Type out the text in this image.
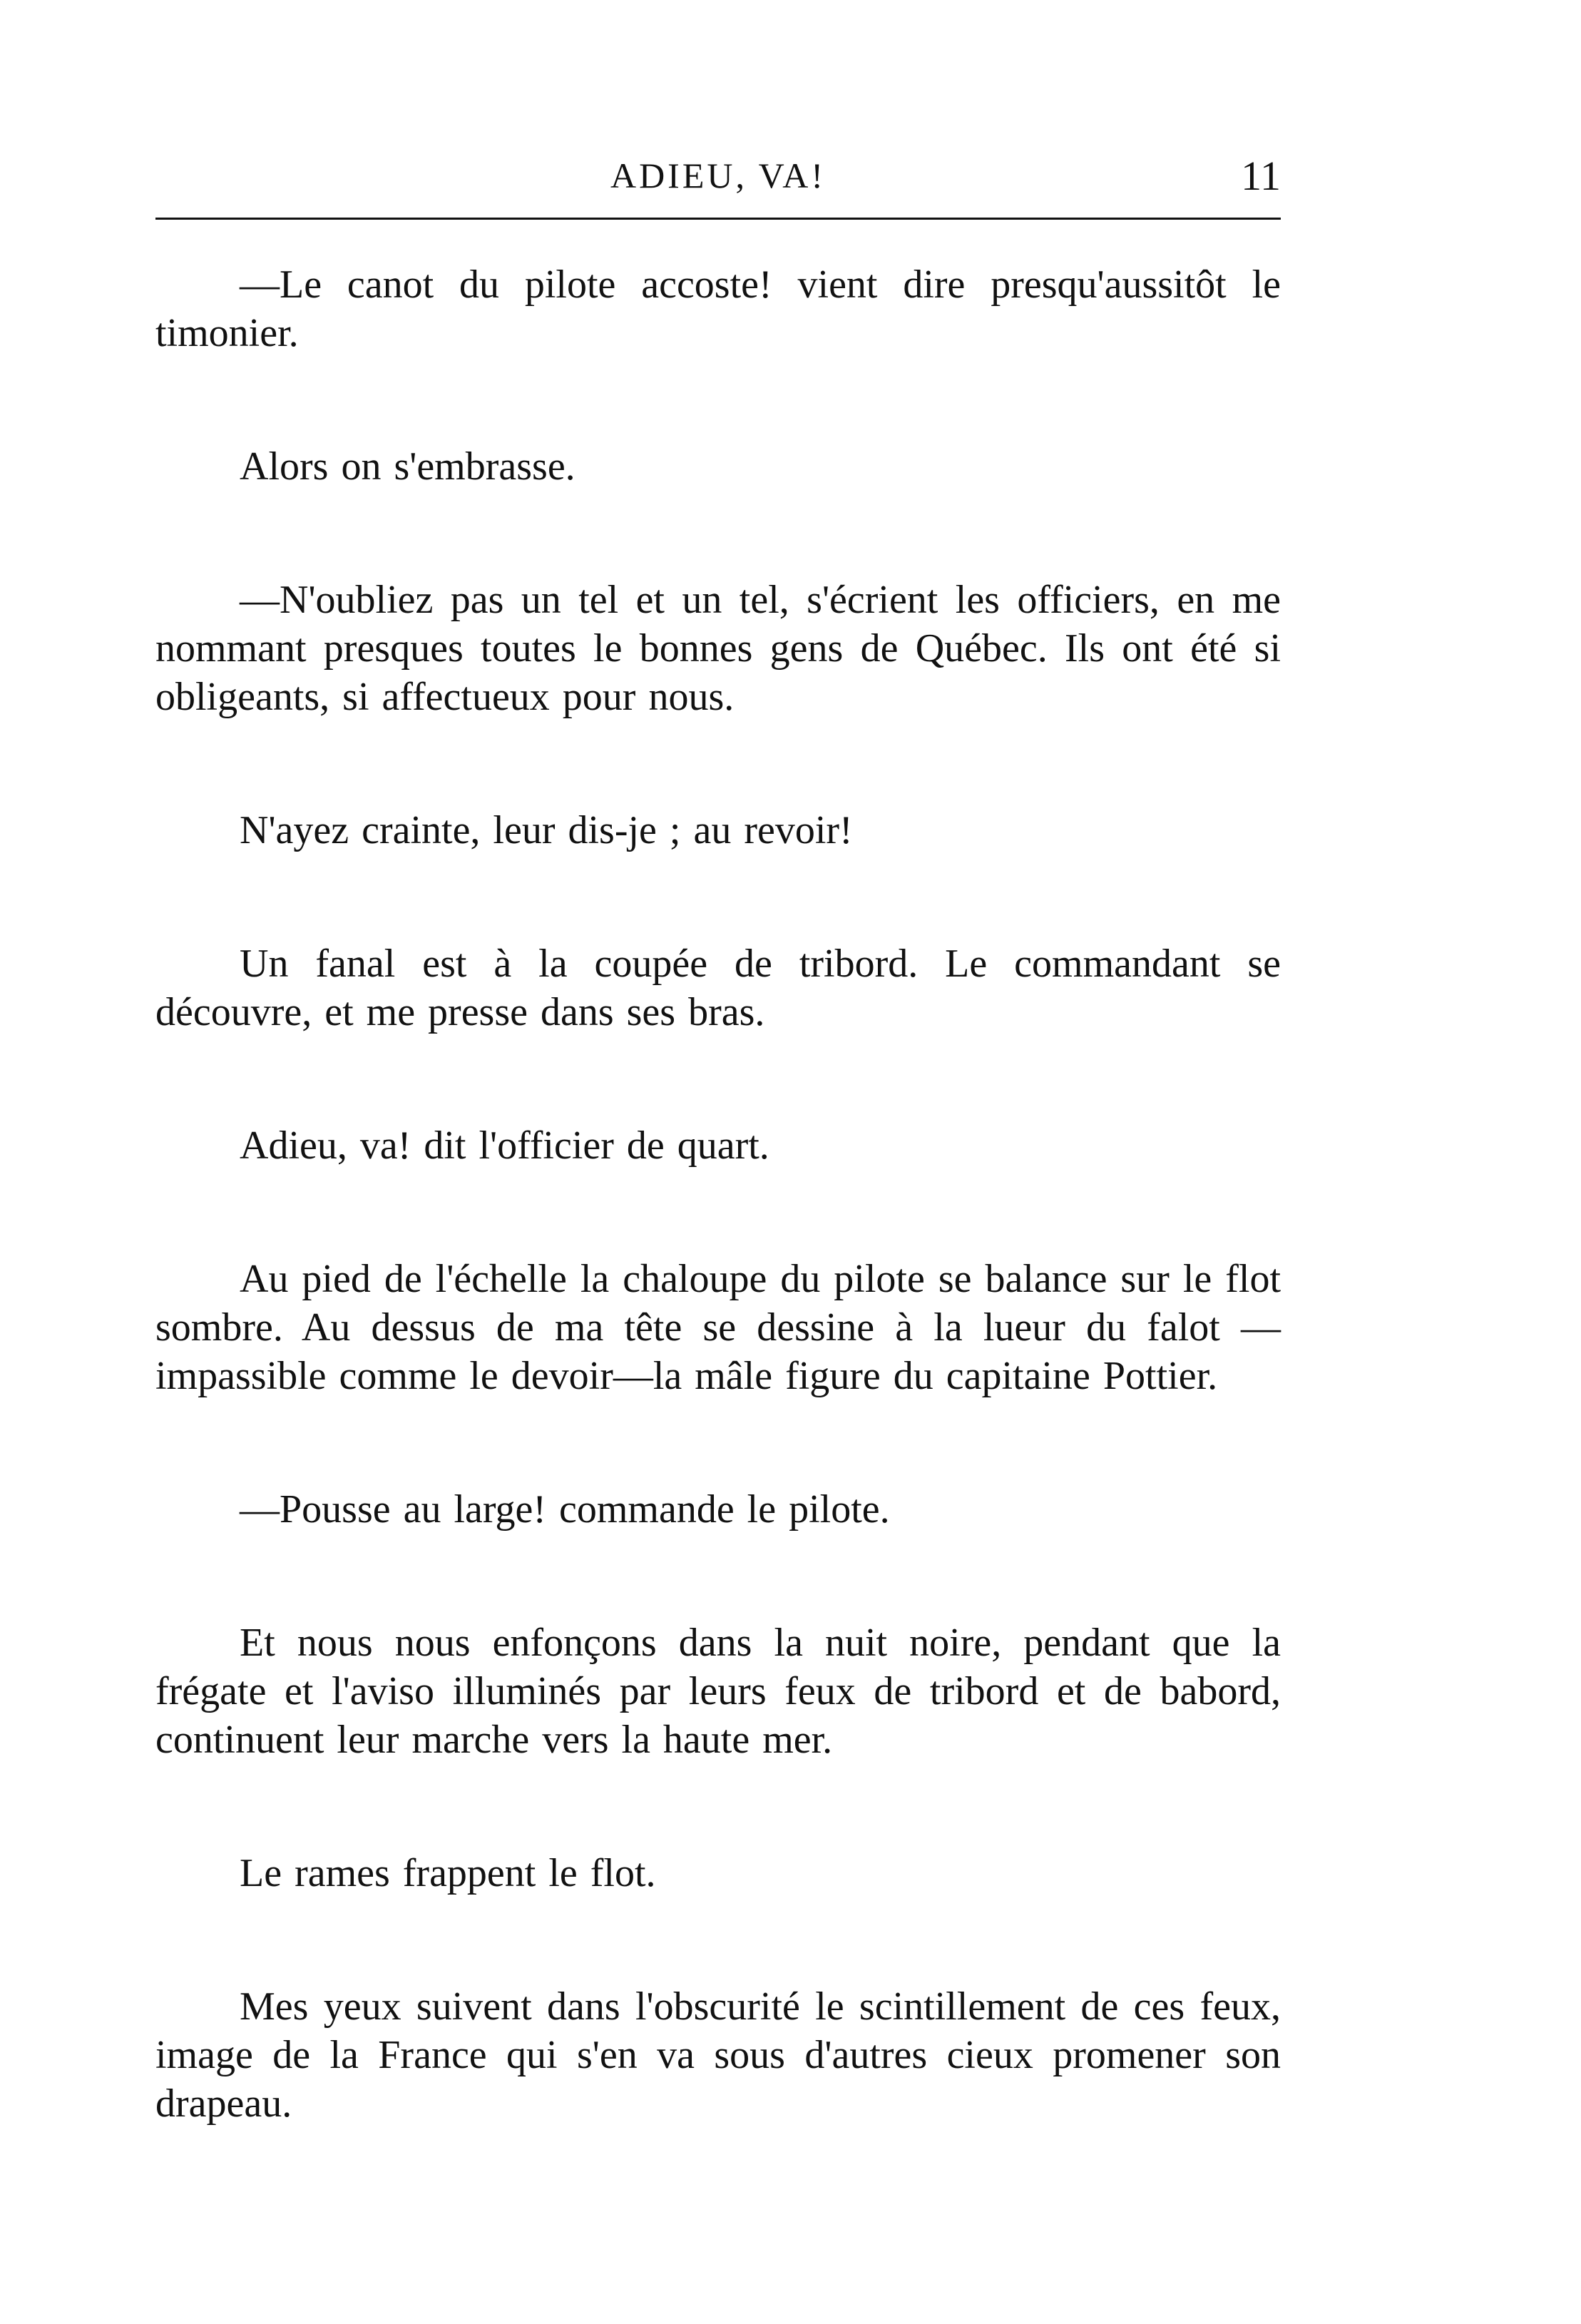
ADIEU, VA!	11

—Le canot du pilote accoste! vient dire presqu'aussitôt le timonier.

Alors on s'embrasse.

—N'oubliez pas un tel et un tel, s'écrient les officiers, en me nommant presques toutes le bonnes gens de Québec. Ils ont été si obligeants, si affectueux pour nous.

N'ayez crainte, leur dis-je ; au revoir!

Un fanal est à la coupée de tribord. Le commandant se découvre, et me presse dans ses bras.

Adieu, va! dit l'officier de quart.

Au pied de l'échelle la chaloupe du pilote se balance sur le flot sombre. Au dessus de ma tête se dessine à la lueur du falot —impassible comme le devoir—la mâle figure du capitaine Pottier.

—Pousse au large! commande le pilote.

Et nous nous enfonçons dans la nuit noire, pendant que la frégate et l'aviso illuminés par leurs feux de tribord et de babord, continuent leur marche vers la haute mer.

Le rames frappent le flot.

Mes yeux suivent dans l'obscurité le scintillement de ces feux, image de la France qui s'en va sous d'autres cieux promener son drapeau.
